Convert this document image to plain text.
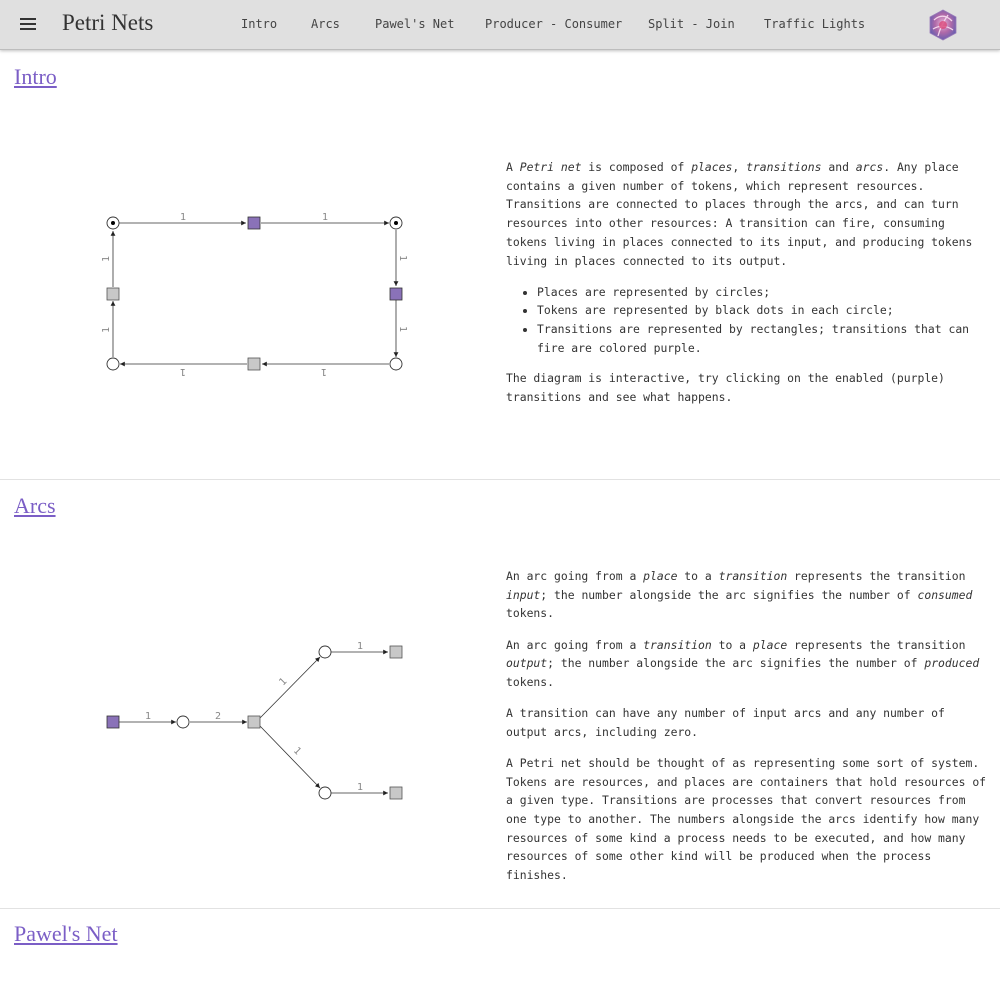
Petri Nets	Intro	Arcs	Pawel's Net	Producer - Consumer Split - Join Traffic Lights
Intro
1	1
1
1
1
1
1
1

A Petri net is composed of places, transitions and arcs. Any place contains a given number of tokens, which represent resources. Transitions are connected to places through the arcs, and can turn resources into other resources: A transition can fire, consuming tokens living in places connected to its input, and producing tokens living in places connected to its output.

• Places are represented by circles;
• Tokens are represented by black dots in each circle;
• Transitions are represented by rectangles; transitions that can fire are colored purple.

The diagram is interactive, try clicking on the enabled (purple) transitions and see what happens.

Arcs
1	2
1
1
1
1

An arc going from a place to a transition represents the transition input; the number alongside the arc signifies the number of consumed tokens.

An arc going from a transition to a place represents the transition output; the number alongside the arc signifies the number of produced tokens.

A transition can have any number of input arcs and any number of output arcs, including zero.

A Petri net should be thought of as representing some sort of system. Tokens are resources, and places are containers that hold resources of a given type. Transitions are processes that convert resources from one type to another. The numbers alongside the arcs identify how many resources of some kind a process needs to be executed, and how many resources of some other kind will be produced when the process finishes.

Pawel's Net
